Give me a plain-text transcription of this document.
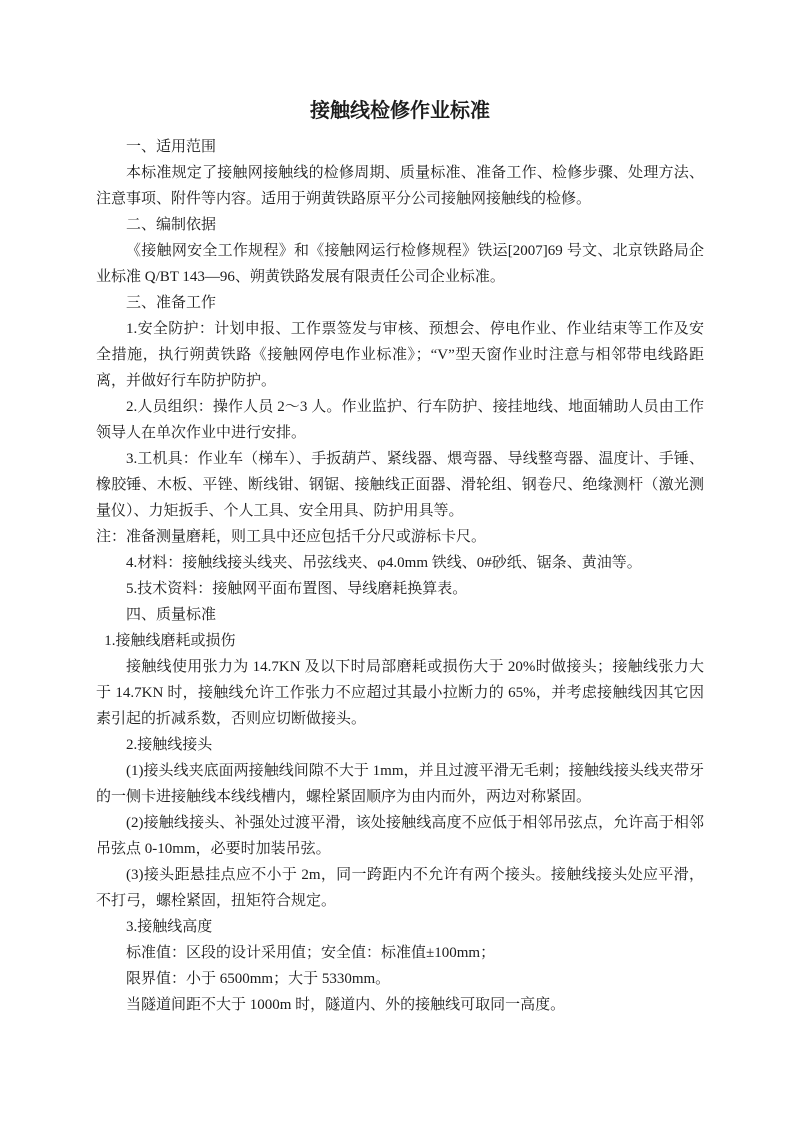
接触线检修作业标准

一、适用范围

本标准规定了接触网接触线的检修周期、质量标准、准备工作、检修步骤、处理方法、注意事项、附件等内容。适用于朔黄铁路原平分公司接触网接触线的检修。

二、编制依据

《接触网安全工作规程》和《接触网运行检修规程》铁运[2007]69 号文、北京铁路局企业标准 Q/BT 143—96、朔黄铁路发展有限责任公司企业标准。

三、准备工作

1.安全防护：计划申报、工作票签发与审核、预想会、停电作业、作业结束等工作及安全措施，执行朔黄铁路《接触网停电作业标准》；“V”型天窗作业时注意与相邻带电线路距离，并做好行车防护防护。

2.人员组织：操作人员 2～3 人。作业监护、行车防护、接挂地线、地面辅助人员由工作领导人在单次作业中进行安排。

3.工机具：作业车（梯车）、手扳葫芦、紧线器、煨弯器、导线整弯器、温度计、手锤、橡胶锤、木板、平锉、断线钳、钢锯、接触线正面器、滑轮组、钢卷尺、绝缘测杆（激光测量仪）、力矩扳手、个人工具、安全用具、防护用具等。

注：准备测量磨耗，则工具中还应包括千分尺或游标卡尺。

4.材料：接触线接头线夹、吊弦线夹、φ4.0mm 铁线、0#砂纸、锯条、黄油等。

5.技术资料：接触网平面布置图、导线磨耗换算表。

四、质量标准

1.接触线磨耗或损伤

接触线使用张力为 14.7KN 及以下时局部磨耗或损伤大于 20%时做接头；接触线张力大于 14.7KN 时，接触线允许工作张力不应超过其最小拉断力的 65%，并考虑接触线因其它因素引起的折减系数，否则应切断做接头。

2.接触线接头

(1)接头线夹底面两接触线间隙不大于 1mm，并且过渡平滑无毛刺；接触线接头线夹带牙的一侧卡进接触线本线线槽内，螺栓紧固顺序为由内而外，两边对称紧固。

(2)接触线接头、补强处过渡平滑，该处接触线高度不应低于相邻吊弦点，允许高于相邻吊弦点 0-10mm，必要时加装吊弦。

(3)接头距悬挂点应不小于 2m，同一跨距内不允许有两个接头。接触线接头处应平滑，不打弓，螺栓紧固，扭矩符合规定。

3.接触线高度

标准值：区段的设计采用值；安全值：标准值±100mm；

限界值：小于 6500mm；大于 5330mm。

当隧道间距不大于 1000m 时，隧道内、外的接触线可取同一高度。
